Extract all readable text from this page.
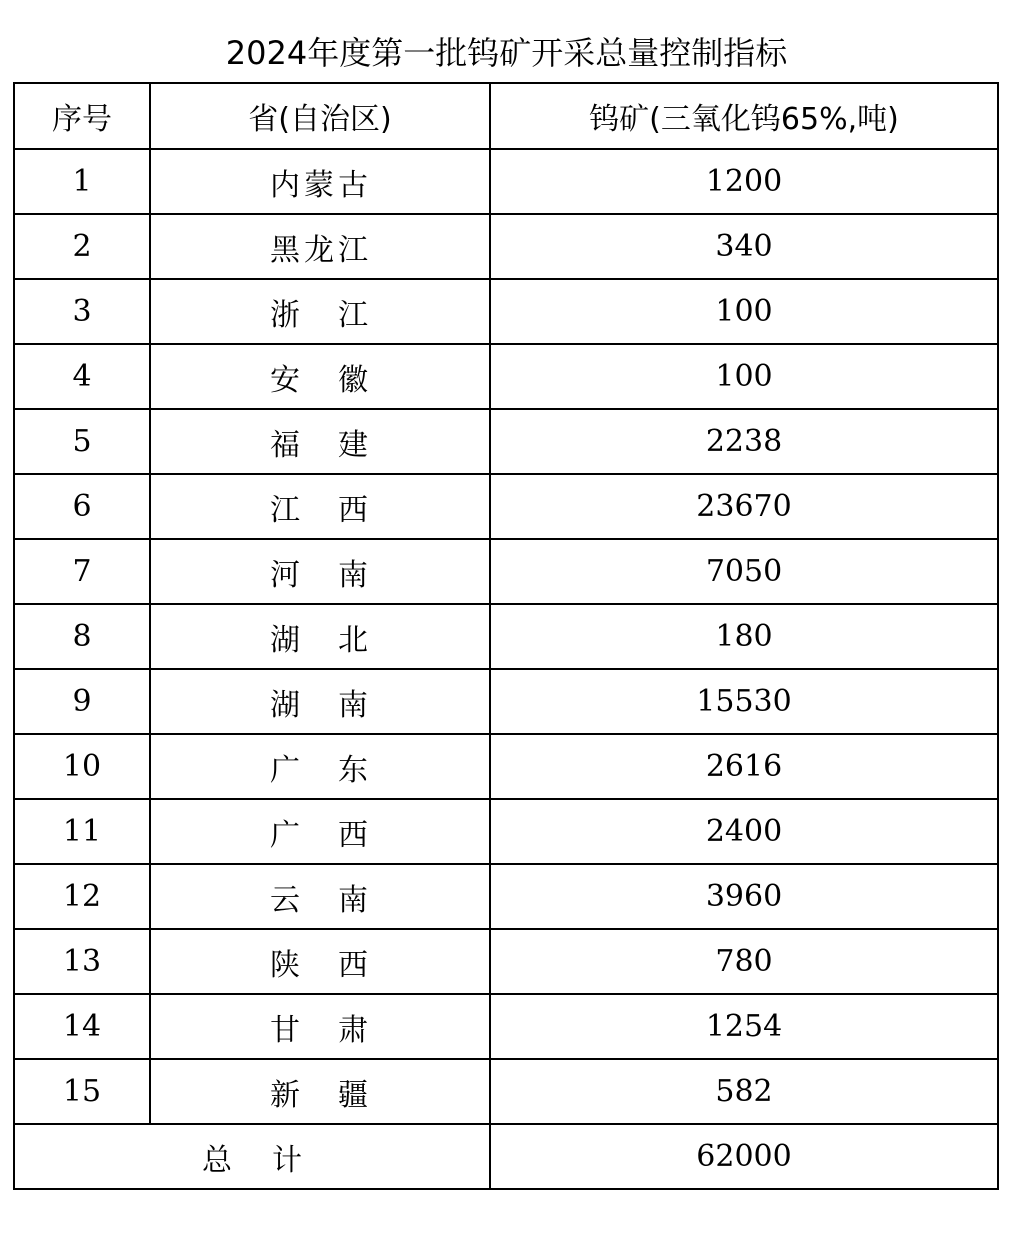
2024年度第一批钨矿开采总量控制指标
序号	省(自治区)	钨矿(三氧化钨65%,吨)
1	内蒙古	1200
2	黑龙江	340
3	浙江	100
4	安徽	100
5	福建	2238
6	江西	23670
7	河南	7050
8	湖北	180
9	湖南	15530
10	广东	2616
11	广西	2400
12	云南	3960
13	陕西	780
14	甘肃	1254
15	新疆	582
总计		62000
